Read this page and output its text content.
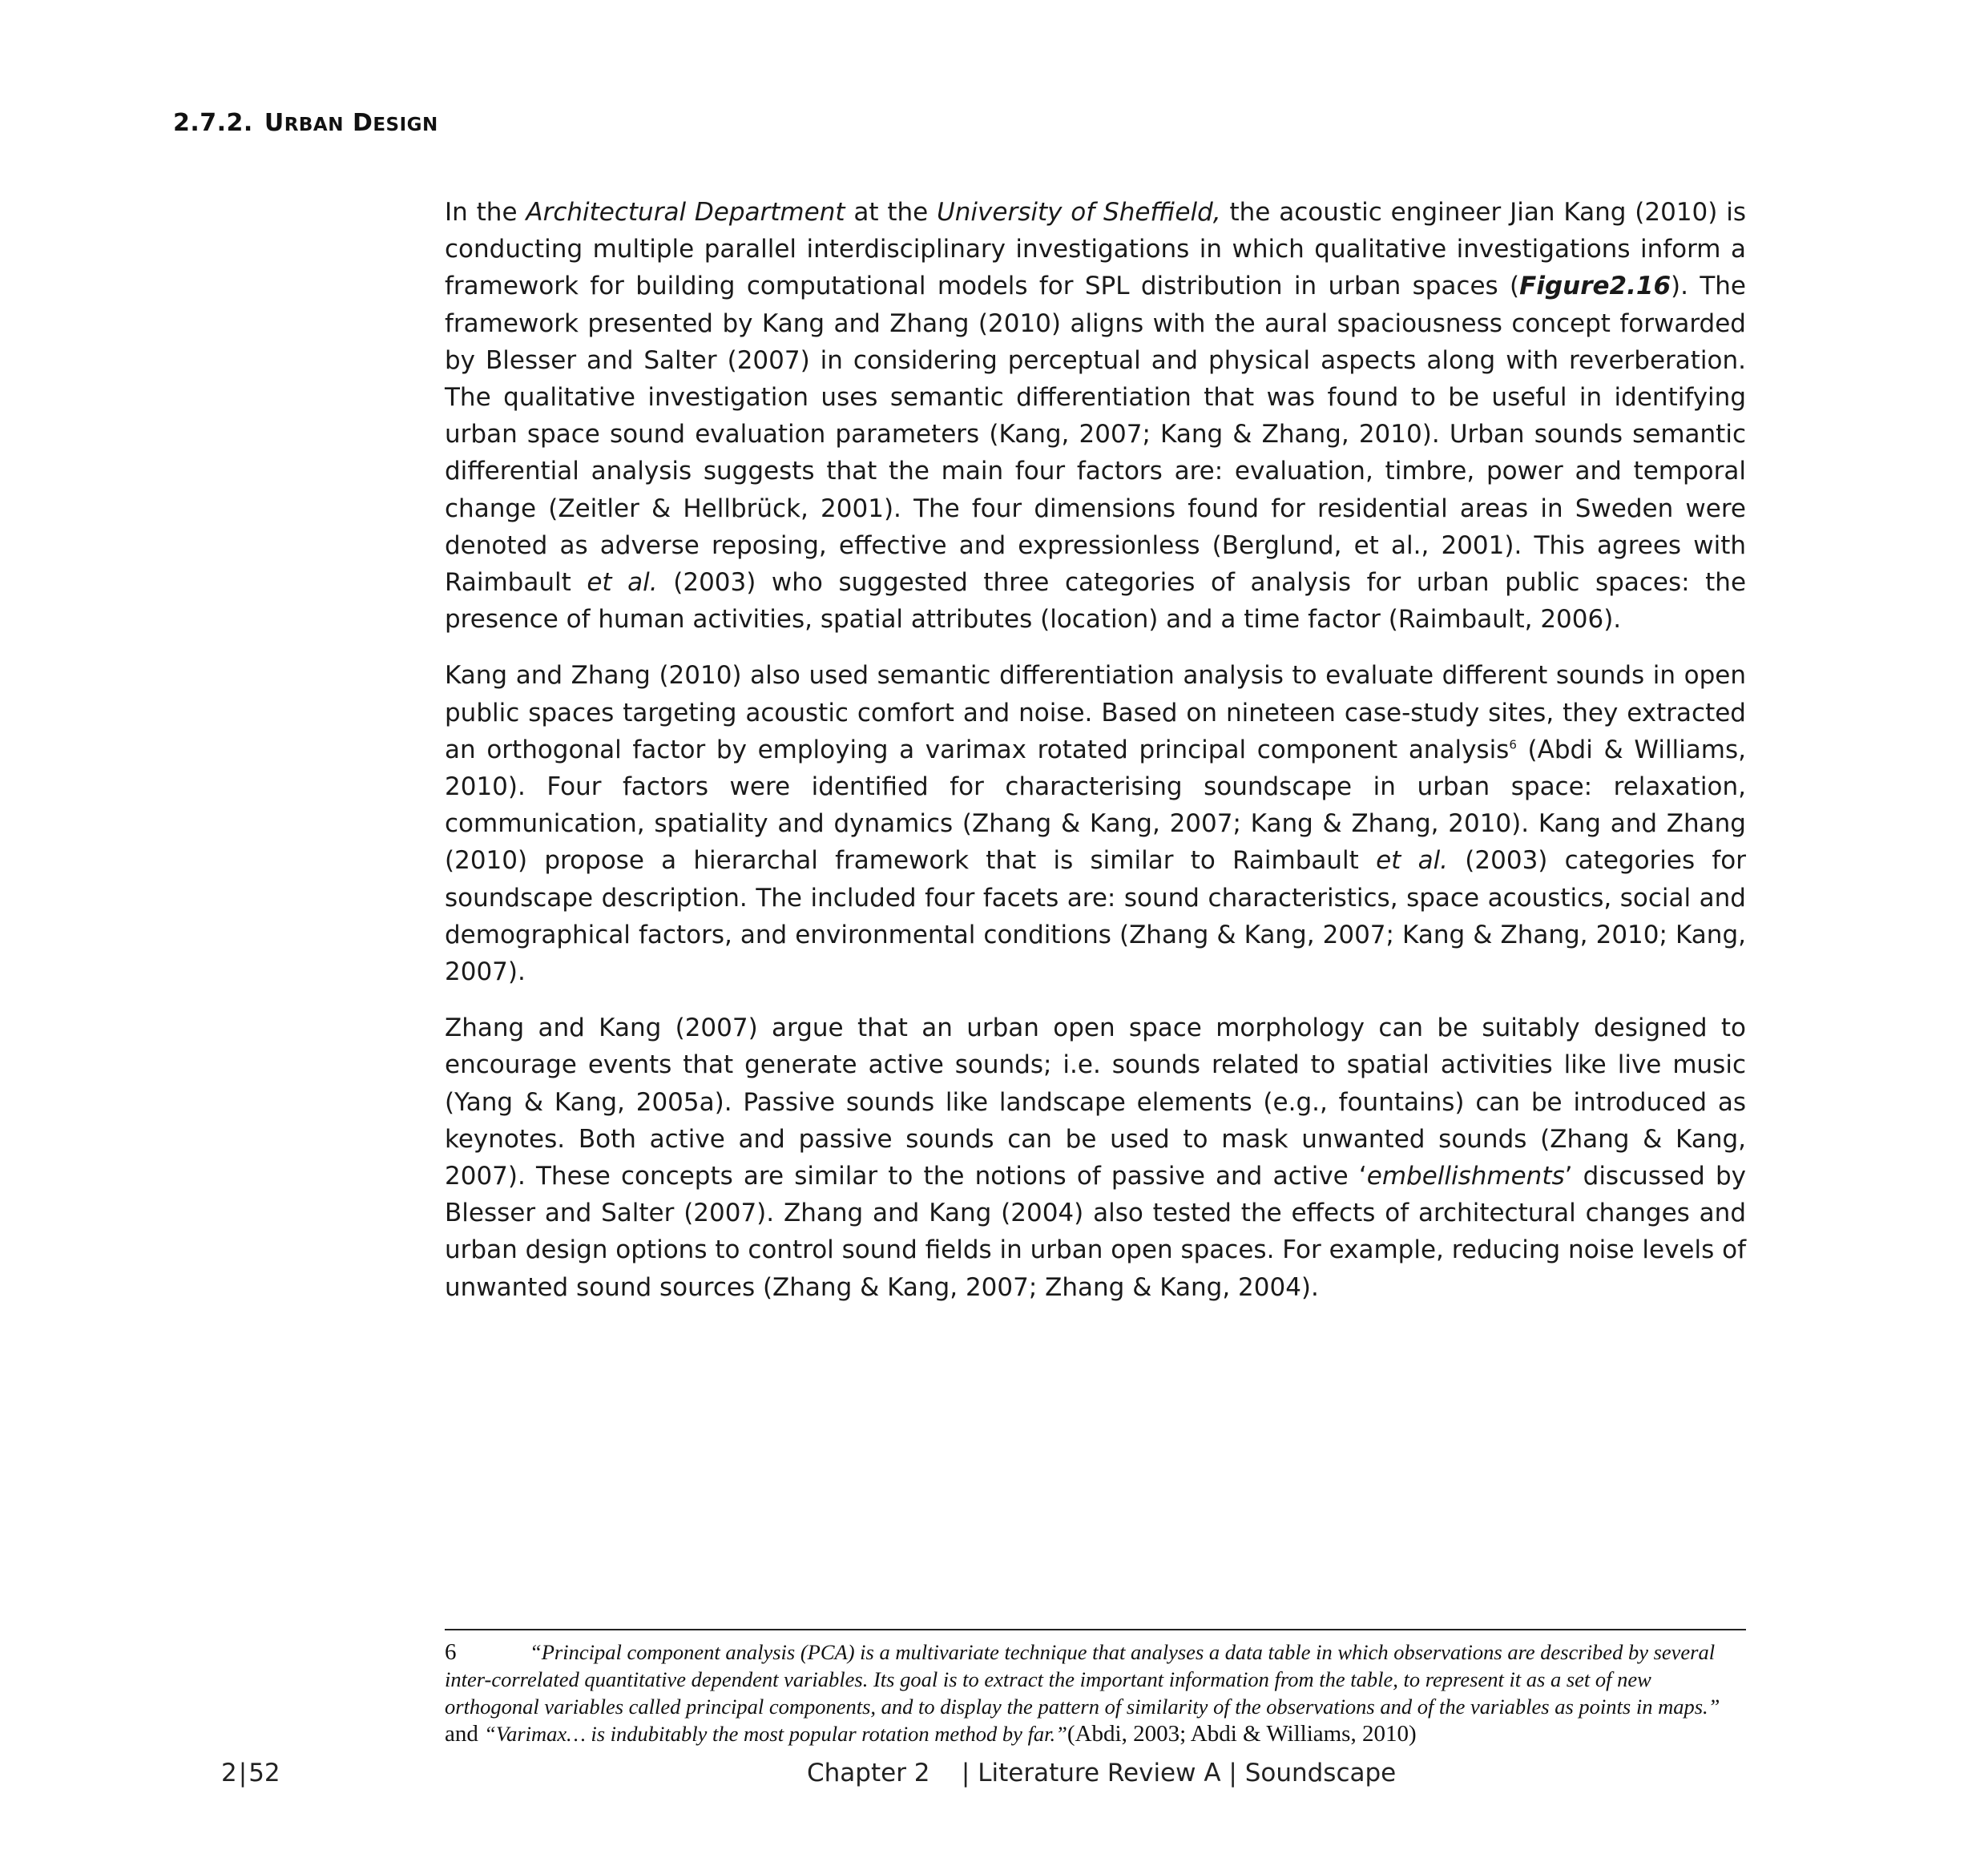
2.7.2. URBAN DESIGN

In the Architectural Department at the University of Sheffield, the acoustic engineer Jian Kang (2010) is conducting multiple parallel interdisciplinary investigations in which qualitative investigations inform a framework for building computational models for SPL distribution in urban spaces (Figure2.16). The framework presented by Kang and Zhang (2010) aligns with the aural spaciousness concept forwarded by Blesser and Salter (2007) in considering perceptual and physical aspects along with reverberation. The qualitative investigation uses semantic differentiation that was found to be useful in identifying urban space sound evaluation parameters (Kang, 2007; Kang & Zhang, 2010). Urban sounds semantic differential analysis suggests that the main four factors are: evaluation, timbre, power and temporal change (Zeitler & Hellbrück, 2001). The four dimensions found for residential areas in Sweden were denoted as adverse reposing, effective and expressionless (Berglund, et al., 2001). This agrees with Raimbault et al. (2003) who suggested three categories of analysis for urban public spaces: the presence of human activities, spatial attributes (location) and a time factor (Raimbault, 2006).

Kang and Zhang (2010) also used semantic differentiation analysis to evaluate different sounds in open public spaces targeting acoustic comfort and noise. Based on nineteen case-study sites, they extracted an orthogonal factor by employing a varimax rotated principal component analysis$^6$ (Abdi & Williams, 2010). Four factors were identified for characterising soundscape in urban space: relaxation, communication, spatiality and dynamics (Zhang & Kang, 2007; Kang & Zhang, 2010). Kang and Zhang (2010) propose a hierarchal framework that is similar to Raimbault et al. (2003) categories for soundscape description. The included four facets are: sound characteristics, space acoustics, social and demographical factors, and environmental conditions (Zhang & Kang, 2007; Kang & Zhang, 2010; Kang, 2007).

Zhang and Kang (2007) argue that an urban open space morphology can be suitably designed to encourage events that generate active sounds; i.e. sounds related to spatial activities like live music (Yang & Kang, 2005a). Passive sounds like landscape elements (e.g., fountains) can be introduced as keynotes. Both active and passive sounds can be used to mask unwanted sounds (Zhang & Kang, 2007). These concepts are similar to the notions of passive and active ‘embellishments’ discussed by Blesser and Salter (2007). Zhang and Kang (2004) also tested the effects of architectural changes and urban design options to control sound fields in urban open spaces. For example, reducing noise levels of unwanted sound sources (Zhang & Kang, 2007; Zhang & Kang, 2004).

6	“Principal component analysis (PCA) is a multivariate technique that analyses a data table in which observations are described by several inter-correlated quantitative dependent variables. Its goal is to extract the important information from the table, to represent it as a set of new orthogonal variables called principal components, and to display the pattern of similarity of the observations and of the variables as points in maps.” and “Varimax… is indubitably the most popular rotation method by far.”(Abdi, 2003; Abdi & Williams, 2010)
2|52	Chapter 2    | Literature Review A | Soundscape
